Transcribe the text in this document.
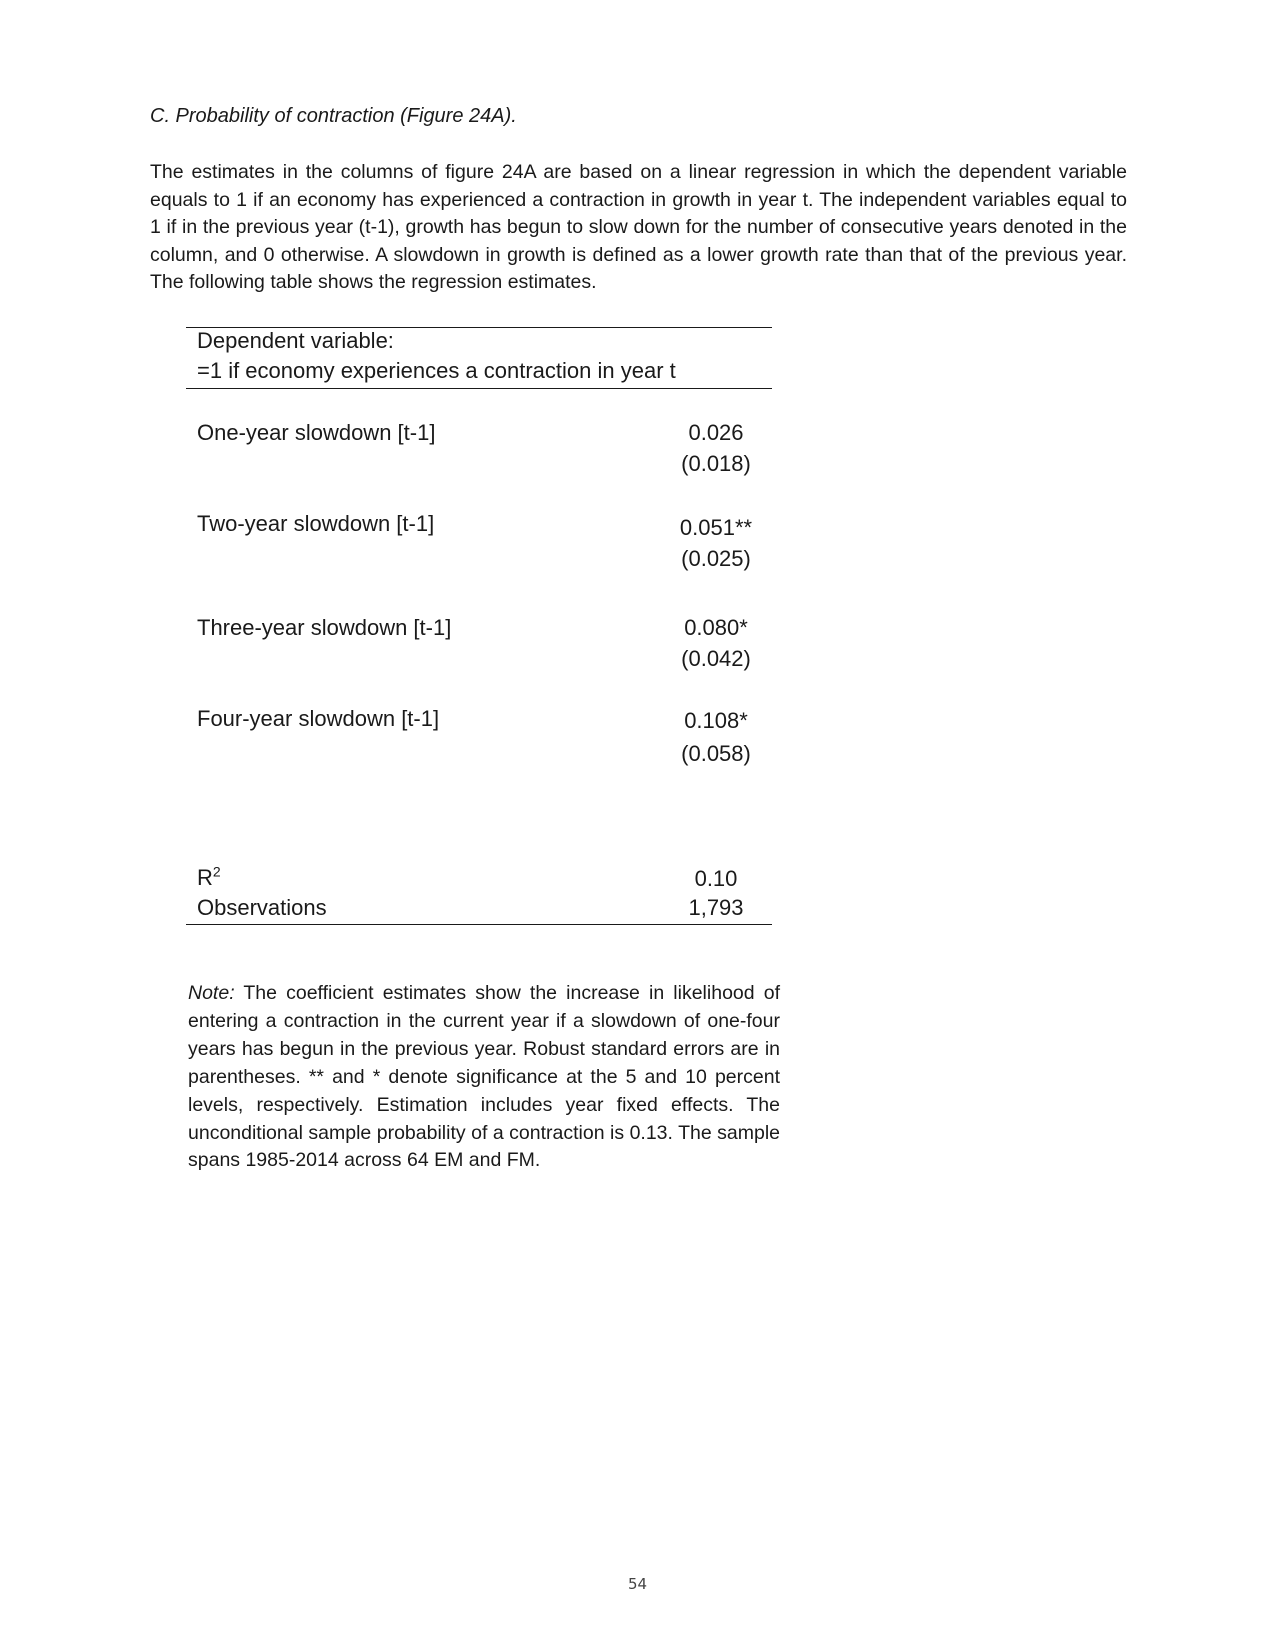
C. Probability of contraction (Figure 24A).
The estimates in the columns of figure 24A are based on a linear regression in which the dependent variable equals to 1 if an economy has experienced a contraction in growth in year t. The independent variables equal to 1 if in the previous year (t-1), growth has begun to slow down for the number of consecutive years denoted in the column, and 0 otherwise. A slowdown in growth is defined as a lower growth rate than that of the previous year. The following table shows the regression estimates.
Dependent variable:
=1 if economy experiences a contraction in year t
One-year slowdown [t-1]	0.026
(0.018)
Two-year slowdown [t-1]	0.051**
(0.025)
Three-year slowdown [t-1]	0.080*
(0.042)
Four-year slowdown [t-1]	0.108*
(0.058)
$R^2$	0.10
Observations	1,793
Note: The coefficient estimates show the increase in likelihood of entering a contraction in the current year if a slowdown of one-four years has begun in the previous year. Robust standard errors are in parentheses. ** and * denote significance at the 5 and 10 percent levels, respectively. Estimation includes year fixed effects. The unconditional sample probability of a contraction is 0.13. The sample spans 1985-2014 across 64 EM and FM.
54
